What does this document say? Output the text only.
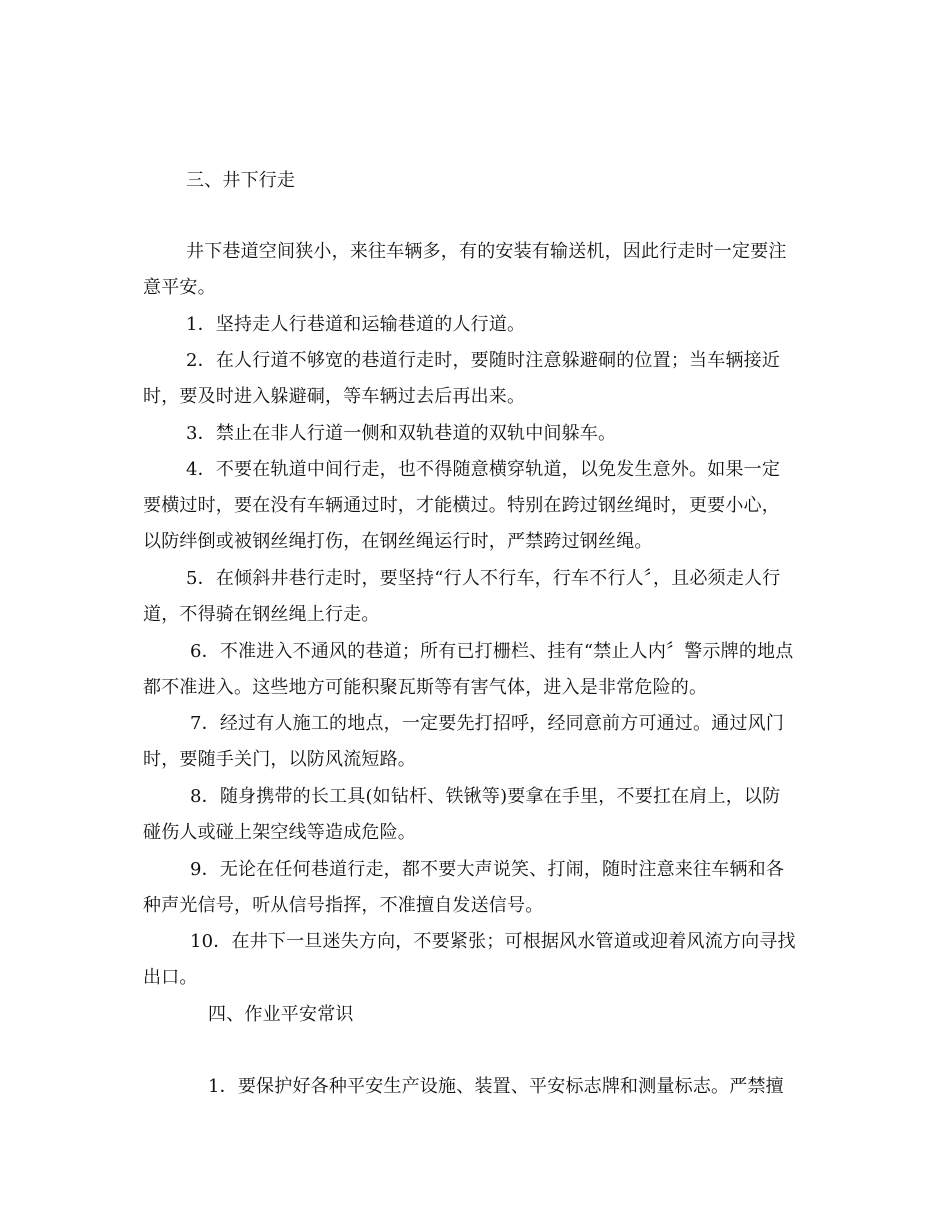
三、井下行走
井下巷道空间狭小，来往车辆多，有的安装有输送机，因此行走时一定要注
意平安。
1．坚持走人行巷道和运输巷道的人行道。
2．在人行道不够宽的巷道行走时，要随时注意躲避硐的位置；当车辆接近
时，要及时进入躲避硐，等车辆过去后再出来。
3．禁止在非人行道一侧和双轨巷道的双轨中间躲车。
4．不要在轨道中间行走，也不得随意横穿轨道，以免发生意外。如果一定
要横过时，要在没有车辆通过时，才能横过。特别在跨过钢丝绳时，更要小心，
以防绊倒或被钢丝绳打伤，在钢丝绳运行时，严禁跨过钢丝绳。
5．在倾斜井巷行走时，要坚持“行人不行车，行车不行人〞，且必须走人行
道，不得骑在钢丝绳上行走。
6．不准进入不通风的巷道；所有已打栅栏、挂有“禁止人内〞警示牌的地点
都不准进入。这些地方可能积聚瓦斯等有害气体，进入是非常危险的。
7．经过有人施工的地点，一定要先打招呼，经同意前方可通过。通过风门
时，要随手关门，以防风流短路。
8．随身携带的长工具(如钻杆、铁锹等)要拿在手里，不要扛在肩上，以防
碰伤人或碰上架空线等造成危险。
9．无论在任何巷道行走，都不要大声说笑、打闹，随时注意来往车辆和各
种声光信号，听从信号指挥，不准擅自发送信号。
10．在井下一旦迷失方向，不要紧张；可根据风水管道或迎着风流方向寻找
出口。
四、作业平安常识
1．要保护好各种平安生产设施、装置、平安标志牌和测量标志。严禁擅
